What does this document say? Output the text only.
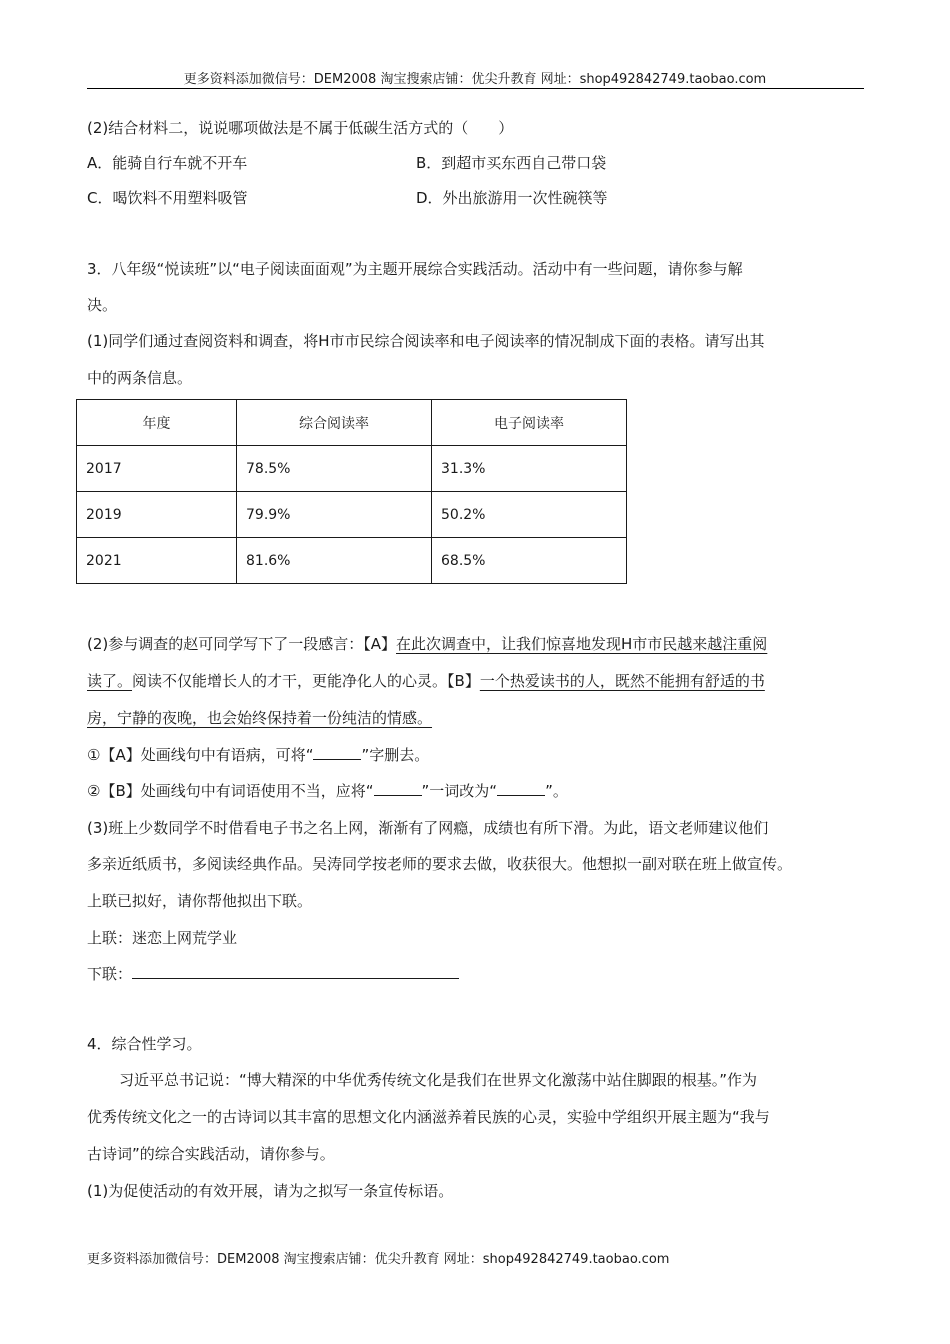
更多资料添加微信号：DEM2008 淘宝搜索店铺：优尖升教育 网址：shop492842749.taobao.com
(2)结合材料二，说说哪项做法是不属于低碳生活方式的（　　）
A．能骑自行车就不开车	B．到超市买东西自己带口袋
C．喝饮料不用塑料吸管	D．外出旅游用一次性碗筷等
3．八年级“悦读班”以“电子阅读面面观”为主题开展综合实践活动。活动中有一些问题，请你参与解
决。
(1)同学们通过查阅资料和调查，将H市市民综合阅读率和电子阅读率的情况制成下面的表格。请写出其
中的两条信息。
年度	综合阅读率	电子阅读率
2017	78.5%	31.3%
2019	79.9%	50.2%
2021	81.6%	68.5%
(2)参与调查的赵可同学写下了一段感言：【A】在此次调查中，让我们惊喜地发现H市市民越来越注重阅
读了。阅读不仅能增长人的才干，更能净化人的心灵。【B】一个热爱读书的人，既然不能拥有舒适的书
房，宁静的夜晚，也会始终保持着一份纯洁的情感。
①【A】处画线句中有语病，可将“	”字删去。
②【B】处画线句中有词语使用不当，应将“	”一词改为“	”。
(3)班上少数同学不时借看电子书之名上网，渐渐有了网瘾，成绩也有所下滑。为此，语文老师建议他们
多亲近纸质书，多阅读经典作品。吴涛同学按老师的要求去做，收获很大。他想拟一副对联在班上做宣传。
上联已拟好，请你帮他拟出下联。
上联：迷恋上网荒学业
下联：
4．综合性学习。
习近平总书记说：“博大精深的中华优秀传统文化是我们在世界文化激荡中站住脚跟的根基。”作为
优秀传统文化之一的古诗词以其丰富的思想文化内涵滋养着民族的心灵，实验中学组织开展主题为“我与
古诗词”的综合实践活动，请你参与。
(1)为促使活动的有效开展，请为之拟写一条宣传标语。
更多资料添加微信号：DEM2008 淘宝搜索店铺：优尖升教育 网址：shop492842749.taobao.com
